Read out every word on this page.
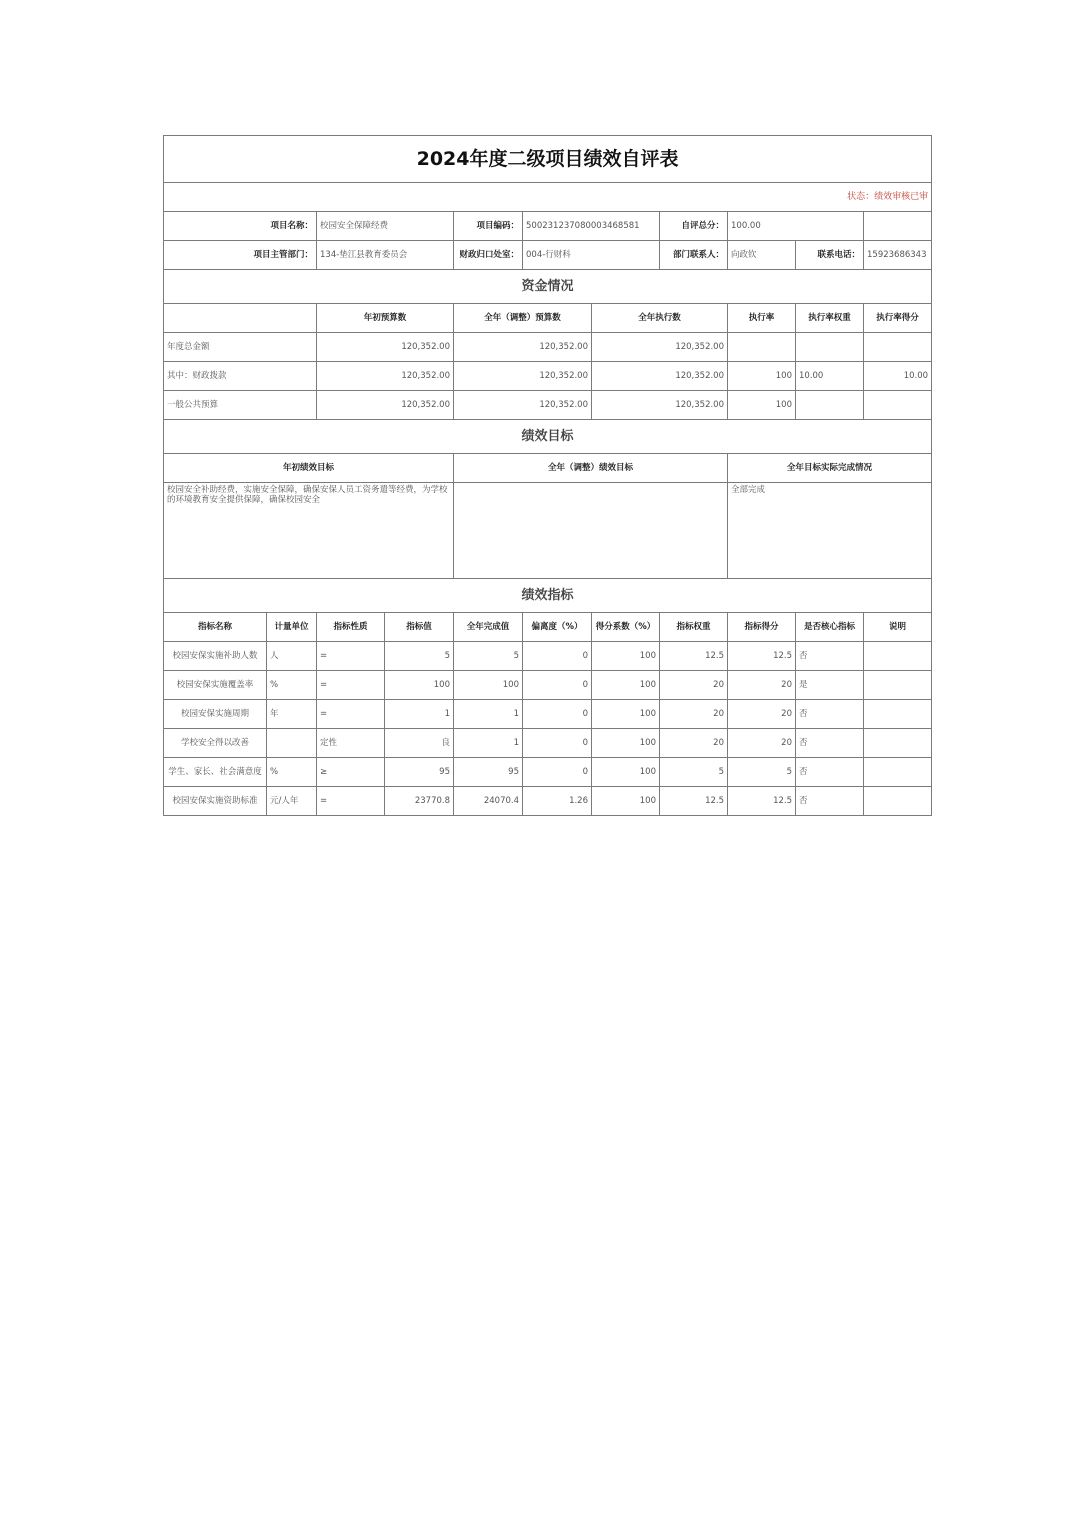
2024年度二级项目绩效自评表										
状态：绩效审核已审										
项目名称：		校园安全保障经费		项目编码：	500231237080003468581		自评总分：	100.00		
项目主管部门：		134-垫江县教育委员会		财政归口处室：	004-行财科		部门联系人：	向政钦	联系电话：	15923686343
资金情况										
		年初预算数		全年（调整）预算数		全年执行数		执行率	执行率权重	执行率得分
年度总金额		120,352.00		120,352.00		120,352.00				
其中：财政拨款		120,352.00		120,352.00		120,352.00		100	10.00	10.00
一般公共预算		120,352.00		120,352.00		120,352.00		100		
绩效目标										
年初绩效目标				全年（调整）绩效目标				全年目标实际完成情况		
校园安全补助经费，实施安全保障，确保安保人员工资务遣等经费，为学校的环境教育安全提供保障，确保校园安全								全部完成		
绩效指标										
指标名称	计量单位	指标性质	指标值	全年完成值	偏离度（%）	得分系数（%）	指标权重	指标得分	是否核心指标	说明
校园安保实施补助人数	人	=	5	5	0	100	12.5	12.5	否	
校园安保实施覆盖率	%	=	100	100	0	100	20	20	是	
校园安保实施周期	年	=	1	1	0	100	20	20	否	
学校安全得以改善		定性	良	1	0	100	20	20	否	
学生、家长、社会满意度	%	≥	95	95	0	100	5	5	否	
校园安保实施资助标准	元/人年	=	23770.8	24070.4	1.26	100	12.5	12.5	否	
